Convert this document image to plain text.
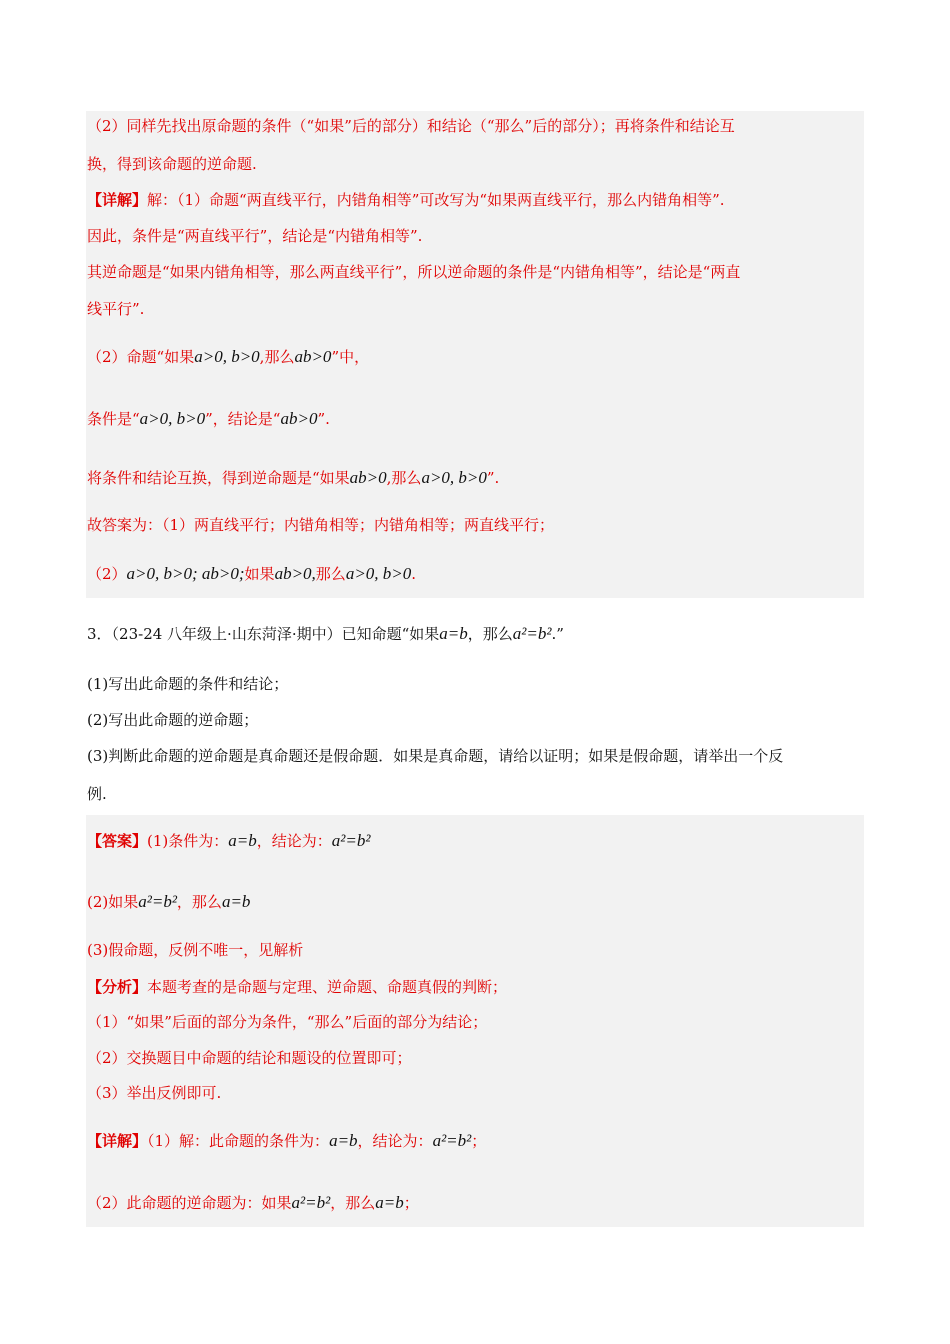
（2）同样先找出原命题的条件（“如果”后的部分）和结论（“那么”后的部分）；再将条件和结论互
换，得到该命题的逆命题.
【详解】解：（1）命题“两直线平行，内错角相等”可改写为“如果两直线平行，那么内错角相等”.
因此，条件是“两直线平行”，结论是“内错角相等”.
其逆命题是“如果内错角相等，那么两直线平行”，所以逆命题的条件是“内错角相等”，结论是“两直
线平行”.
（2）命题“如果a>0, b>0,那么ab>0”中，
条件是“a>0, b>0”，结论是“ab>0”.
将条件和结论互换，得到逆命题是“如果ab>0,那么a>0, b>0”.
故答案为：（1）两直线平行；内错角相等；内错角相等；两直线平行；
（2）a>0, b>0; ab>0;如果ab>0,那么a>0, b>0.
3．（23-24 八年级上·山东菏泽·期中）已知命题“如果a=b，那么a²=b².”
(1)写出此命题的条件和结论；
(2)写出此命题的逆命题；
(3)判断此命题的逆命题是真命题还是假命题．如果是真命题，请给以证明；如果是假命题，请举出一个反
例.
【答案】(1)条件为：a=b，结论为：a²=b²
(2)如果a²=b²，那么a=b
(3)假命题，反例不唯一，见解析
【分析】本题考查的是命题与定理、逆命题、命题真假的判断；
（1）“如果”后面的部分为条件，“那么”后面的部分为结论；
（2）交换题目中命题的结论和题设的位置即可；
（3）举出反例即可.
【详解】（1）解：此命题的条件为：a=b，结论为：a²=b²；
（2）此命题的逆命题为：如果a²=b²，那么a=b；
